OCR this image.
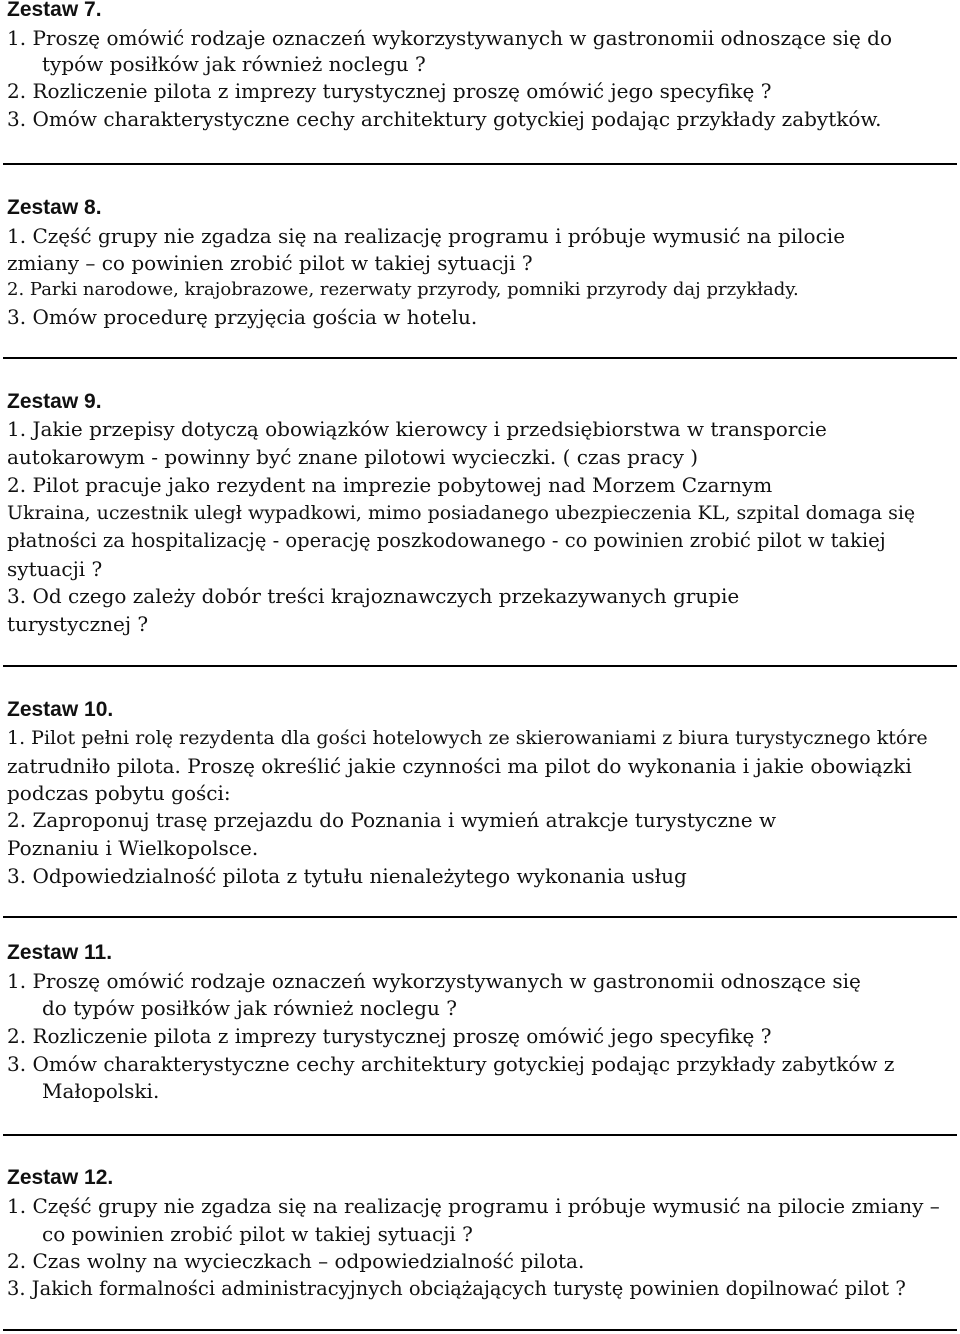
Zestaw 7.
1. Proszę omówić rodzaje oznaczeń wykorzystywanych w gastronomii odnoszące się do
typów posiłków jak również noclegu ?
2. Rozliczenie pilota z imprezy turystycznej proszę omówić jego specyfikę ?
3. Omów charakterystyczne cechy architektury gotyckiej podając przykłady zabytków.
Zestaw 8.
1. Część grupy nie zgadza się na realizację programu i próbuje wymusić na pilocie
zmiany – co powinien zrobić pilot w takiej sytuacji ?
2. Parki narodowe, krajobrazowe, rezerwaty przyrody, pomniki przyrody daj przykłady.
3. Omów procedurę przyjęcia gościa w hotelu.
Zestaw 9.
1. Jakie przepisy dotyczą obowiązków kierowcy i przedsiębiorstwa w transporcie
autokarowym - powinny być znane pilotowi wycieczki. ( czas pracy )
2. Pilot pracuje jako rezydent na imprezie pobytowej nad Morzem Czarnym
Ukraina, uczestnik uległ wypadkowi, mimo posiadanego ubezpieczenia KL, szpital domaga się
płatności za hospitalizację - operację poszkodowanego - co powinien zrobić pilot w takiej
sytuacji ?
3. Od czego zależy dobór treści krajoznawczych przekazywanych grupie
turystycznej ?
Zestaw 10.
1. Pilot pełni rolę rezydenta dla gości hotelowych ze skierowaniami z biura turystycznego które
zatrudniło pilota. Proszę określić jakie czynności ma pilot do wykonania i jakie obowiązki
podczas pobytu gości:
2. Zaproponuj trasę przejazdu do Poznania i wymień atrakcje turystyczne w
Poznaniu i Wielkopolsce.
3. Odpowiedzialność pilota z tytułu nienależytego wykonania usług
Zestaw 11.
1. Proszę omówić rodzaje oznaczeń wykorzystywanych w gastronomii odnoszące się
do typów posiłków jak również noclegu ?
2. Rozliczenie pilota z imprezy turystycznej proszę omówić jego specyfikę ?
3. Omów charakterystyczne cechy architektury gotyckiej podając przykłady zabytków z
Małopolski.
Zestaw 12.
1. Część grupy nie zgadza się na realizację programu i próbuje wymusić na pilocie zmiany –
co powinien zrobić pilot w takiej sytuacji ?
2. Czas wolny na wycieczkach – odpowiedzialność pilota.
3. Jakich formalności administracyjnych obciążających turystę powinien dopilnować pilot ?
